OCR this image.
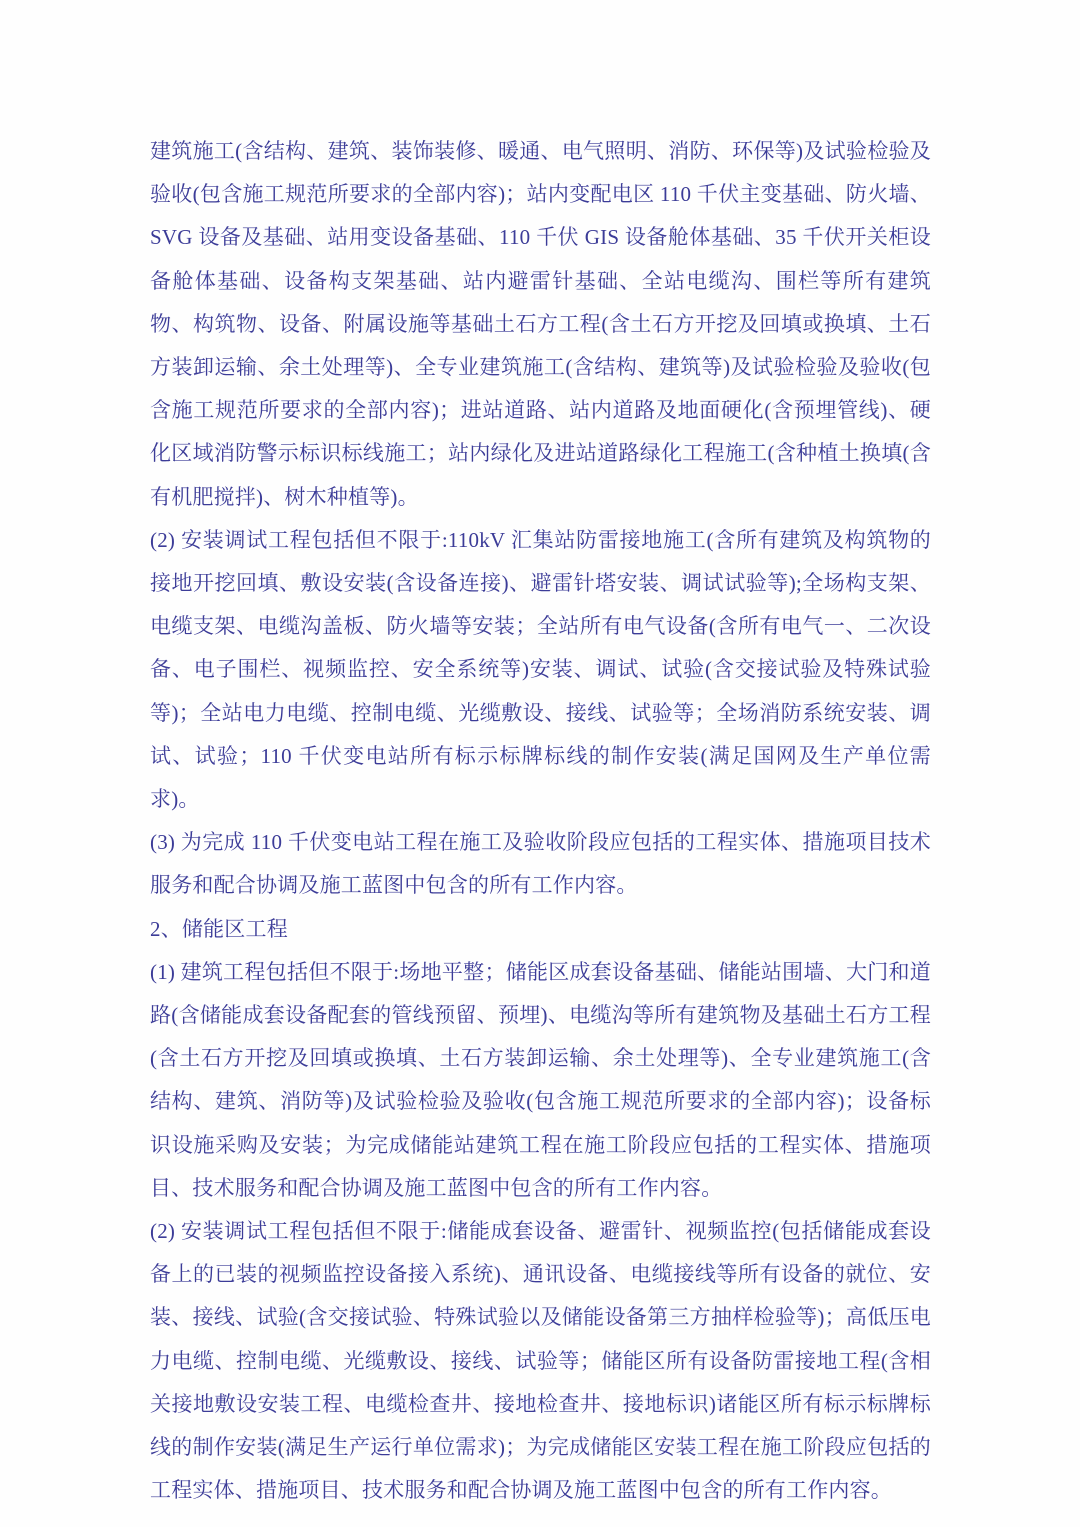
建筑施工(含结构、建筑、装饰装修、暖通、电气照明、消防、环保等)及试验检验及验收(包含施工规范所要求的全部内容)；站内变配电区 110 千伏主变基础、防火墙、SVG 设备及基础、站用变设备基础、110 千伏 GIS 设备舱体基础、35 千伏开关柜设备舱体基础、设备构支架基础、站内避雷针基础、全站电缆沟、围栏等所有建筑物、构筑物、设备、附属设施等基础土石方工程(含土石方开挖及回填或换填、土石方装卸运输、余土处理等)、全专业建筑施工(含结构、建筑等)及试验检验及验收(包含施工规范所要求的全部内容)；进站道路、站内道路及地面硬化(含预埋管线)、硬化区域消防警示标识标线施工；站内绿化及进站道路绿化工程施工(含种植土换填(含有机肥搅拌)、树木种植等)。

(2) 安装调试工程包括但不限于:110kV 汇集站防雷接地施工(含所有建筑及构筑物的接地开挖回填、敷设安装(含设备连接)、避雷针塔安装、调试试验等);全场构支架、电缆支架、电缆沟盖板、防火墙等安装；全站所有电气设备(含所有电气一、二次设备、电子围栏、视频监控、安全系统等)安装、调试、试验(含交接试验及特殊试验等)；全站电力电缆、控制电缆、光缆敷设、接线、试验等；全场消防系统安装、调试、试验；110 千伏变电站所有标示标牌标线的制作安装(满足国网及生产单位需求)。

(3) 为完成 110 千伏变电站工程在施工及验收阶段应包括的工程实体、措施项目技术服务和配合协调及施工蓝图中包含的所有工作内容。

2、储能区工程

(1) 建筑工程包括但不限于:场地平整；储能区成套设备基础、储能站围墙、大门和道路(含储能成套设备配套的管线预留、预埋)、电缆沟等所有建筑物及基础土石方工程(含土石方开挖及回填或换填、土石方装卸运输、余土处理等)、全专业建筑施工(含结构、建筑、消防等)及试验检验及验收(包含施工规范所要求的全部内容)；设备标识设施采购及安装；为完成储能站建筑工程在施工阶段应包括的工程实体、措施项目、技术服务和配合协调及施工蓝图中包含的所有工作内容。

(2) 安装调试工程包括但不限于:储能成套设备、避雷针、视频监控(包括储能成套设备上的已装的视频监控设备接入系统)、通讯设备、电缆接线等所有设备的就位、安装、接线、试验(含交接试验、特殊试验以及储能设备第三方抽样检验等)；高低压电力电缆、控制电缆、光缆敷设、接线、试验等；储能区所有设备防雷接地工程(含相关接地敷设安装工程、电缆检查井、接地检查井、接地标识)诸能区所有标示标牌标线的制作安装(满足生产运行单位需求)；为完成储能区安装工程在施工阶段应包括的工程实体、措施项目、技术服务和配合协调及施工蓝图中包含的所有工作内容。
